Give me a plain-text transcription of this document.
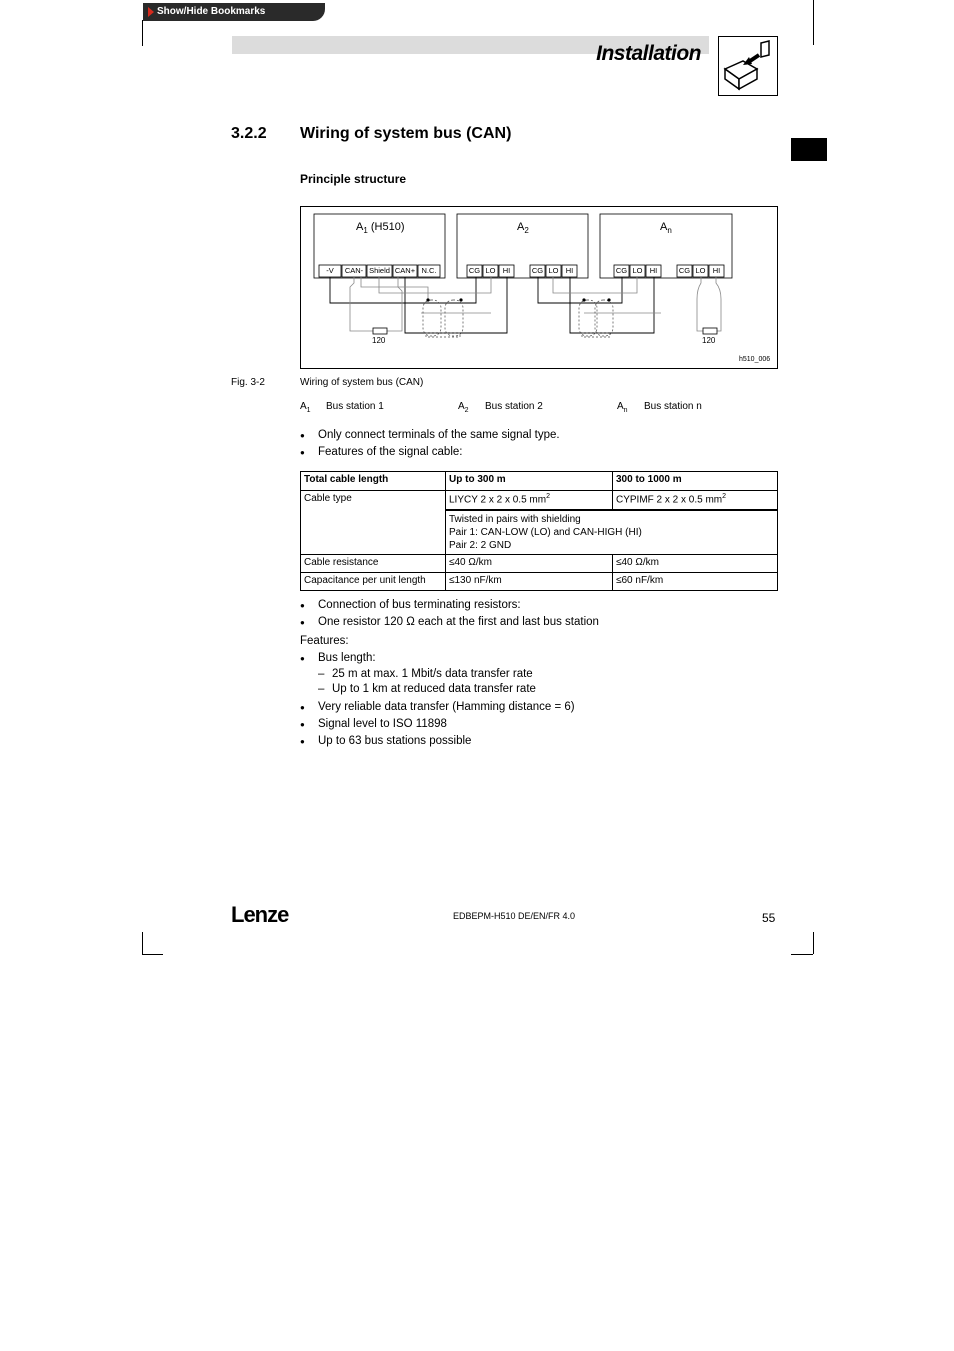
Show/Hide Bookmarks
Installation
3.2.2 Wiring of system bus (CAN)
Principle structure
$A_1$ (H510)	$A_2$	$A_n$
-V	CAN- Shield CAN+ N.C.	CG LO HI	CG LO HI	CG LO HI	CG LO HI
120	120
h510_006
Fig. 3-2	Wiring of system bus (CAN)
$A_1$ Bus station 1	$A_2$ Bus station 2	$A_n$ Bus station n
● Only connect terminals of the same signal type.
● Features of the signal cable:
Total cable length	Up to 300 m	300 to 1000 m
Cable type	LIYCY 2 x 2 x 0.5 $mm^2$	CYPIMF 2 x 2 x 0.5 $mm^2$

	Twisted in pairs with shielding
Pair 1: CAN-LOW (LO) and CAN-HIGH (HI)
Pair 2: 2 GND	

Cable resistance	≤40 Ω/km	≤40 Ω/km
Capacitance per unit length	≤130 nF/km	≤60 nF/km
● Connection of bus terminating resistors:
● One resistor 120 Ω each at the first and last bus station
Features:
● Bus length:
– 25 m at max. 1 Mbit/s data transfer rate
– Up to 1 km at reduced data transfer rate
● Very reliable data transfer (Hamming distance = 6)
● Signal level to ISO 11898
● Up to 63 bus stations possible
Lenze	EDBEPM-H510 DE/EN/FR 4.0	55
